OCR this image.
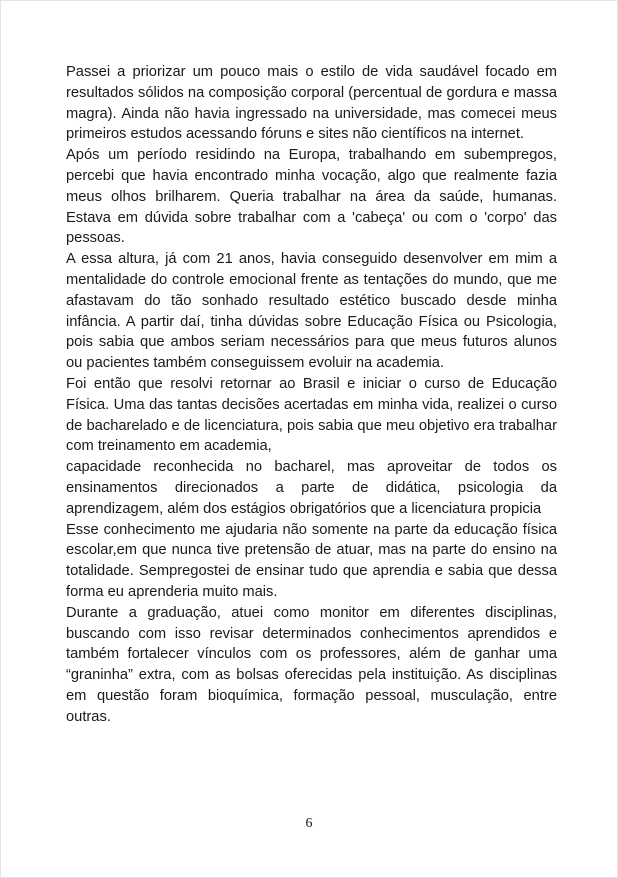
Passei a priorizar um pouco mais o estilo de vida saudável focado em resultados sólidos na composição corporal (percentual de gordura e massa magra). Ainda não havia ingressado na universidade, mas comecei meus primeiros estudos acessando fóruns e sites não científicos na internet.

Após um período residindo na Europa, trabalhando em subempregos, percebi que havia encontrado minha vocação, algo que realmente fazia meus olhos brilharem. Queria trabalhar na área da saúde, humanas. Estava em dúvida sobre trabalhar com a 'cabeça' ou com o 'corpo' das pessoas.

A essa altura, já com 21 anos, havia conseguido desenvolver em mim a mentalidade do controle emocional frente as tentações do mundo, que me afastavam do tão sonhado resultado estético buscado desde minha infância. A partir daí, tinha dúvidas sobre Educação Física ou Psicologia, pois sabia que ambos seriam necessários para que meus futuros alunos ou pacientes também conseguissem evoluir na academia.

Foi então que resolvi retornar ao Brasil e iniciar o curso de Educação Física. Uma das tantas decisões acertadas em minha vida, realizei o curso de bacharelado e de licenciatura, pois sabia que meu objetivo era trabalhar com treinamento em academia,

capacidade reconhecida no bacharel, mas aproveitar de todos os ensinamentos direcionados a parte de didática, psicologia da aprendizagem, além dos estágios obrigatórios que a licenciatura propicia

Esse conhecimento me ajudaria não somente na parte da educação física escolar,em que nunca tive pretensão de atuar, mas na parte do ensino na totalidade. Sempregostei de ensinar tudo que aprendia e sabia que dessa forma eu aprenderia muito mais.

Durante a graduação, atuei como monitor em diferentes disciplinas, buscando com isso revisar determinados conhecimentos aprendidos e também fortalecer vínculos com os professores, além de ganhar uma “graninha” extra, com as bolsas oferecidas pela instituição. As disciplinas em questão foram bioquímica, formação pessoal, musculação, entre outras.

6
